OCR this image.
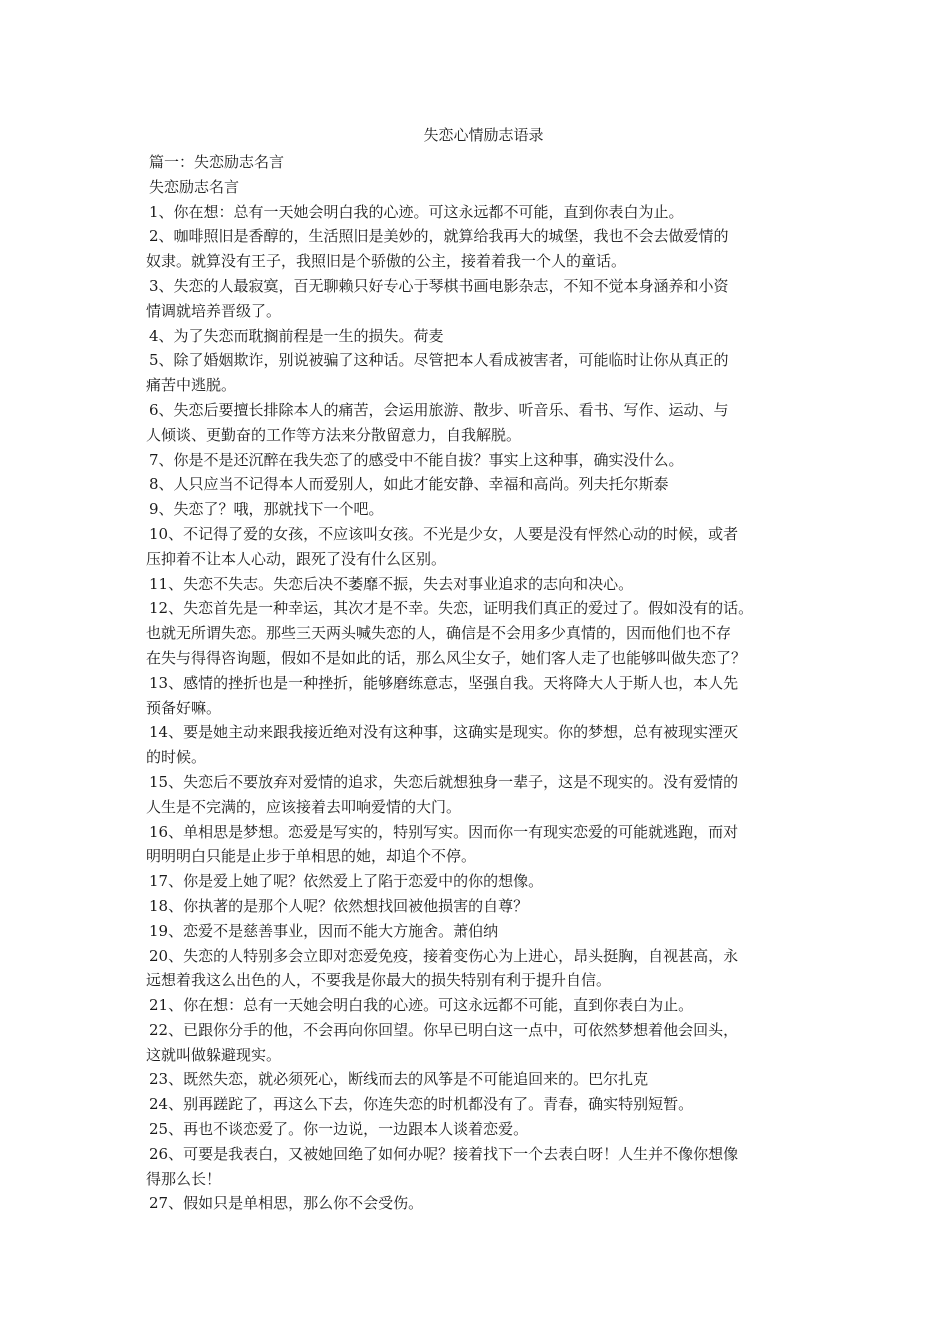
失恋心情励志语录

篇一：失恋励志名言

失恋励志名言

1、你在想：总有一天她会明白我的心迹。可这永远都不可能，直到你表白为止。

2、咖啡照旧是香醇的，生活照旧是美妙的，就算给我再大的城堡，我也不会去做爱情的

奴隶。就算没有王子，我照旧是个骄傲的公主，接着着我一个人的童话。

3、失恋的人最寂寞，百无聊赖只好专心于琴棋书画电影杂志，不知不觉本身涵养和小资

情调就培养晋级了。

4、为了失恋而耽搁前程是一生的损失。荷麦

5、除了婚姻欺诈，别说被骗了这种话。尽管把本人看成被害者，可能临时让你从真正的

痛苦中逃脱。

6、失恋后要擅长排除本人的痛苦，会运用旅游、散步、听音乐、看书、写作、运动、与

人倾谈、更勤奋的工作等方法来分散留意力，自我解脱。

7、你是不是还沉醉在我失恋了的感受中不能自拔？事实上这种事，确实没什么。

8、人只应当不记得本人而爱别人，如此才能安静、幸福和高尚。列夫托尔斯泰

9、失恋了？哦，那就找下一个吧。

10、不记得了爱的女孩，不应该叫女孩。不光是少女，人要是没有怦然心动的时候，或者

压抑着不让本人心动，跟死了没有什么区别。

11、失恋不失志。失恋后决不萎靡不振，失去对事业追求的志向和决心。

12、失恋首先是一种幸运，其次才是不幸。失恋，证明我们真正的爱过了。假如没有的话。

也就无所谓失恋。那些三天两头喊失恋的人，确信是不会用多少真情的，因而他们也不存

在失与得得咨询题，假如不是如此的话，那么风尘女子，她们客人走了也能够叫做失恋了？

13、感情的挫折也是一种挫折，能够磨练意志，坚强自我。天将降大人于斯人也，本人先

预备好嘛。

14、要是她主动来跟我接近绝对没有这种事，这确实是现实。你的梦想，总有被现实湮灭

的时候。

15、失恋后不要放弃对爱情的追求，失恋后就想独身一辈子，这是不现实的。没有爱情的

人生是不完满的，应该接着去叩响爱情的大门。

16、单相思是梦想。恋爱是写实的，特别写实。因而你一有现实恋爱的可能就逃跑，而对

明明明白只能是止步于单相思的她，却追个不停。

17、你是爱上她了呢？依然爱上了陷于恋爱中的你的想像。

18、你执著的是那个人呢？依然想找回被他损害的自尊？

19、恋爱不是慈善事业，因而不能大方施舍。萧伯纳

20、失恋的人特别多会立即对恋爱免疫，接着变伤心为上进心，昂头挺胸，自视甚高，永

远想着我这么出色的人，不要我是你最大的损失特别有利于提升自信。

21、你在想：总有一天她会明白我的心迹。可这永远都不可能，直到你表白为止。

22、已跟你分手的他，不会再向你回望。你早已明白这一点中，可依然梦想着他会回头，

这就叫做躲避现实。

23、既然失恋，就必须死心，断线而去的风筝是不可能追回来的。巴尔扎克

24、别再蹉跎了，再这么下去，你连失恋的时机都没有了。青春，确实特别短暂。

25、再也不谈恋爱了。你一边说，一边跟本人谈着恋爱。

26、可要是我表白，又被她回绝了如何办呢？接着找下一个去表白呀！人生并不像你想像

得那么长！

27、假如只是单相思，那么你不会受伤。
